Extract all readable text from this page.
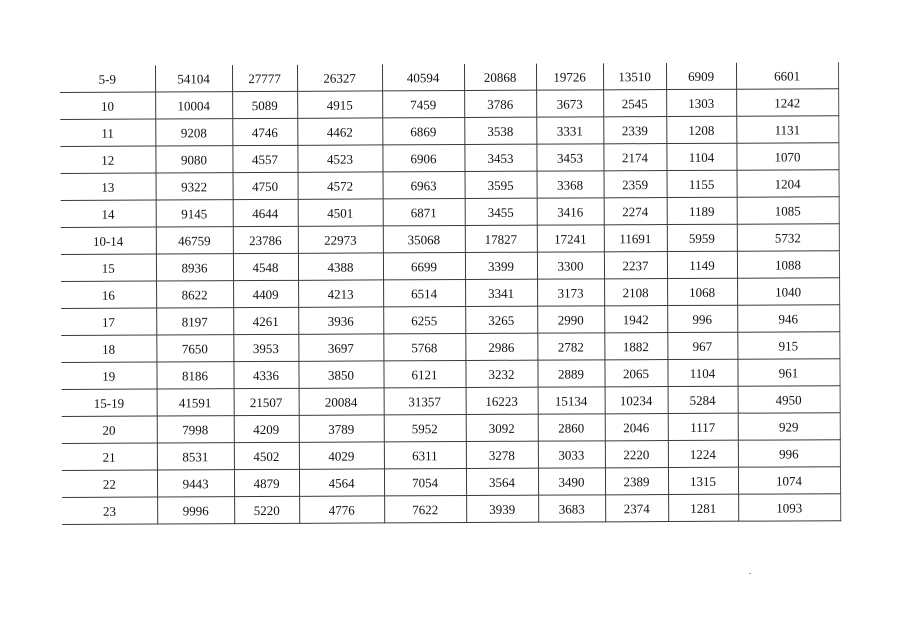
5-9	54104	27777	26327	40594	20868	19726	13510	6909	6601
10	10004	5089	4915	7459	3786	3673	2545	1303	1242
11	9208	4746	4462	6869	3538	3331	2339	1208	1131
12	9080	4557	4523	6906	3453	3453	2174	1104	1070
13	9322	4750	4572	6963	3595	3368	2359	1155	1204
14	9145	4644	4501	6871	3455	3416	2274	1189	1085
10-14	46759	23786	22973	35068	17827	17241	11691	5959	5732
15	8936	4548	4388	6699	3399	3300	2237	1149	1088
16	8622	4409	4213	6514	3341	3173	2108	1068	1040
17	8197	4261	3936	6255	3265	2990	1942	996	946
18	7650	3953	3697	5768	2986	2782	1882	967	915
19	8186	4336	3850	6121	3232	2889	2065	1104	961
15-19	41591	21507	20084	31357	16223	15134	10234	5284	4950
20	7998	4209	3789	5952	3092	2860	2046	1117	929
21	8531	4502	4029	6311	3278	3033	2220	1224	996
22	9443	4879	4564	7054	3564	3490	2389	1315	1074
23	9996	5220	4776	7622	3939	3683	2374	1281	1093
